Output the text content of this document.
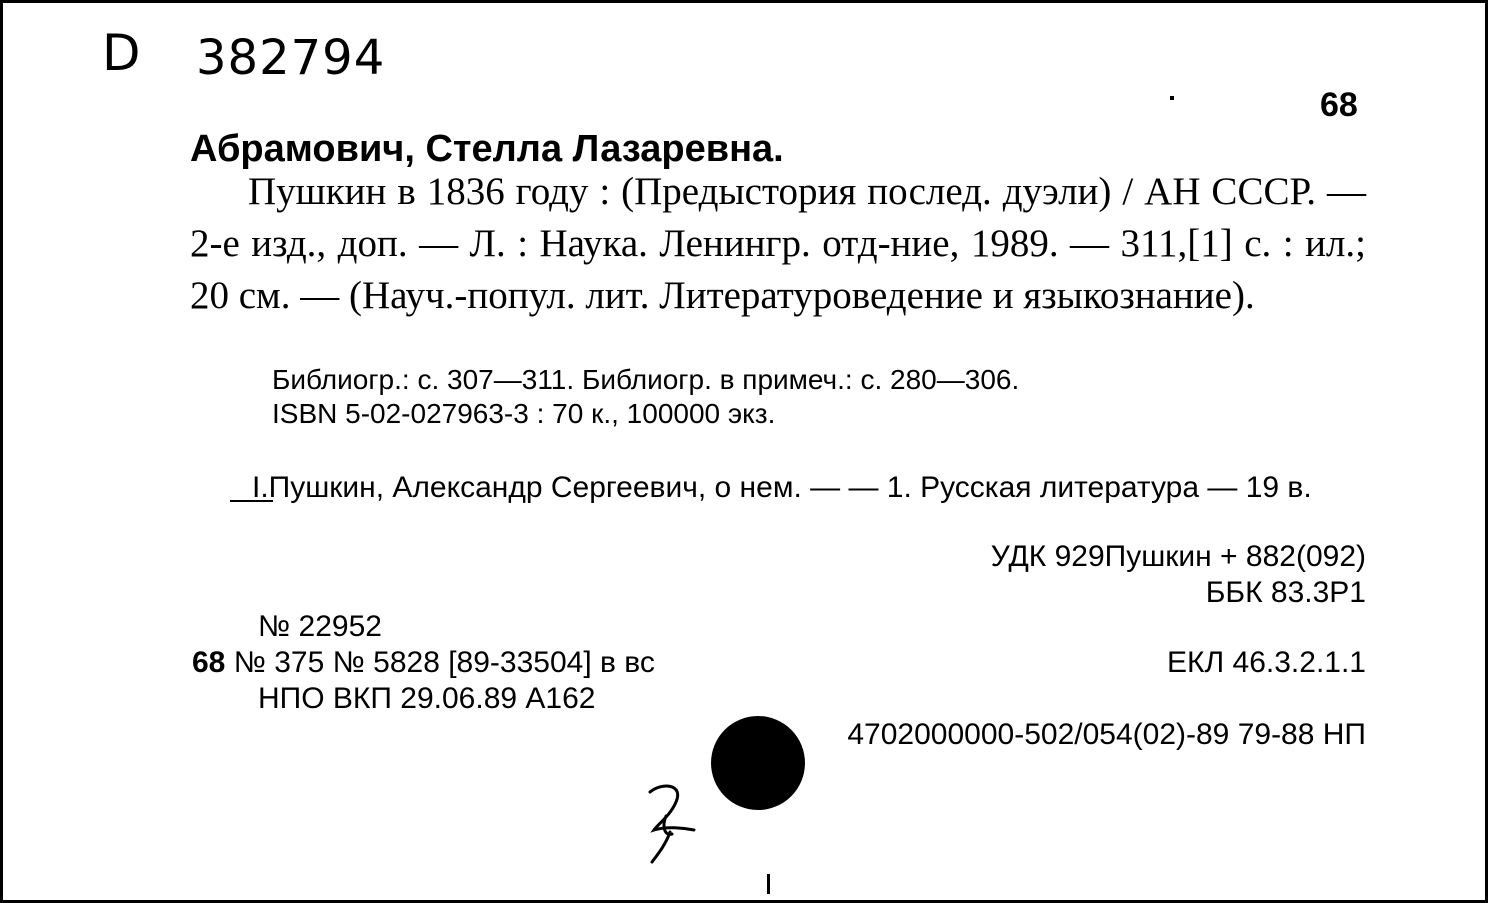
D 382794
68
Абрамович, Стелла Лазаревна.
Пушкин в 1836 году : (Предыстория послед. дуэли) / АН СССР. — 2-е изд., доп. — Л. : Наука. Ленингр. отд-ние, 1989. — 311,[1] с. : ил.; 20 см. — (Науч.-попул. лит. Литературоведение и языкознание).
Библиогр.: с. 307—311. Библиогр. в примеч.: с. 280—306.
ISBN 5-02-027963-3 : 70 к., 100000 экз.
I.Пушкин, Александр Сергеевич, о нем. — — 1. Русская литература — 19 в.
УДК 929Пушкин + 882(092)
ББК 83.3Р1
№ 22952
68 № 375 № 5828 [89-33504] в вс	ЕКЛ 46.3.2.1.1
НПО ВКП 29.06.89 А162
4702000000-502/054(02)-89 79-88 НП
